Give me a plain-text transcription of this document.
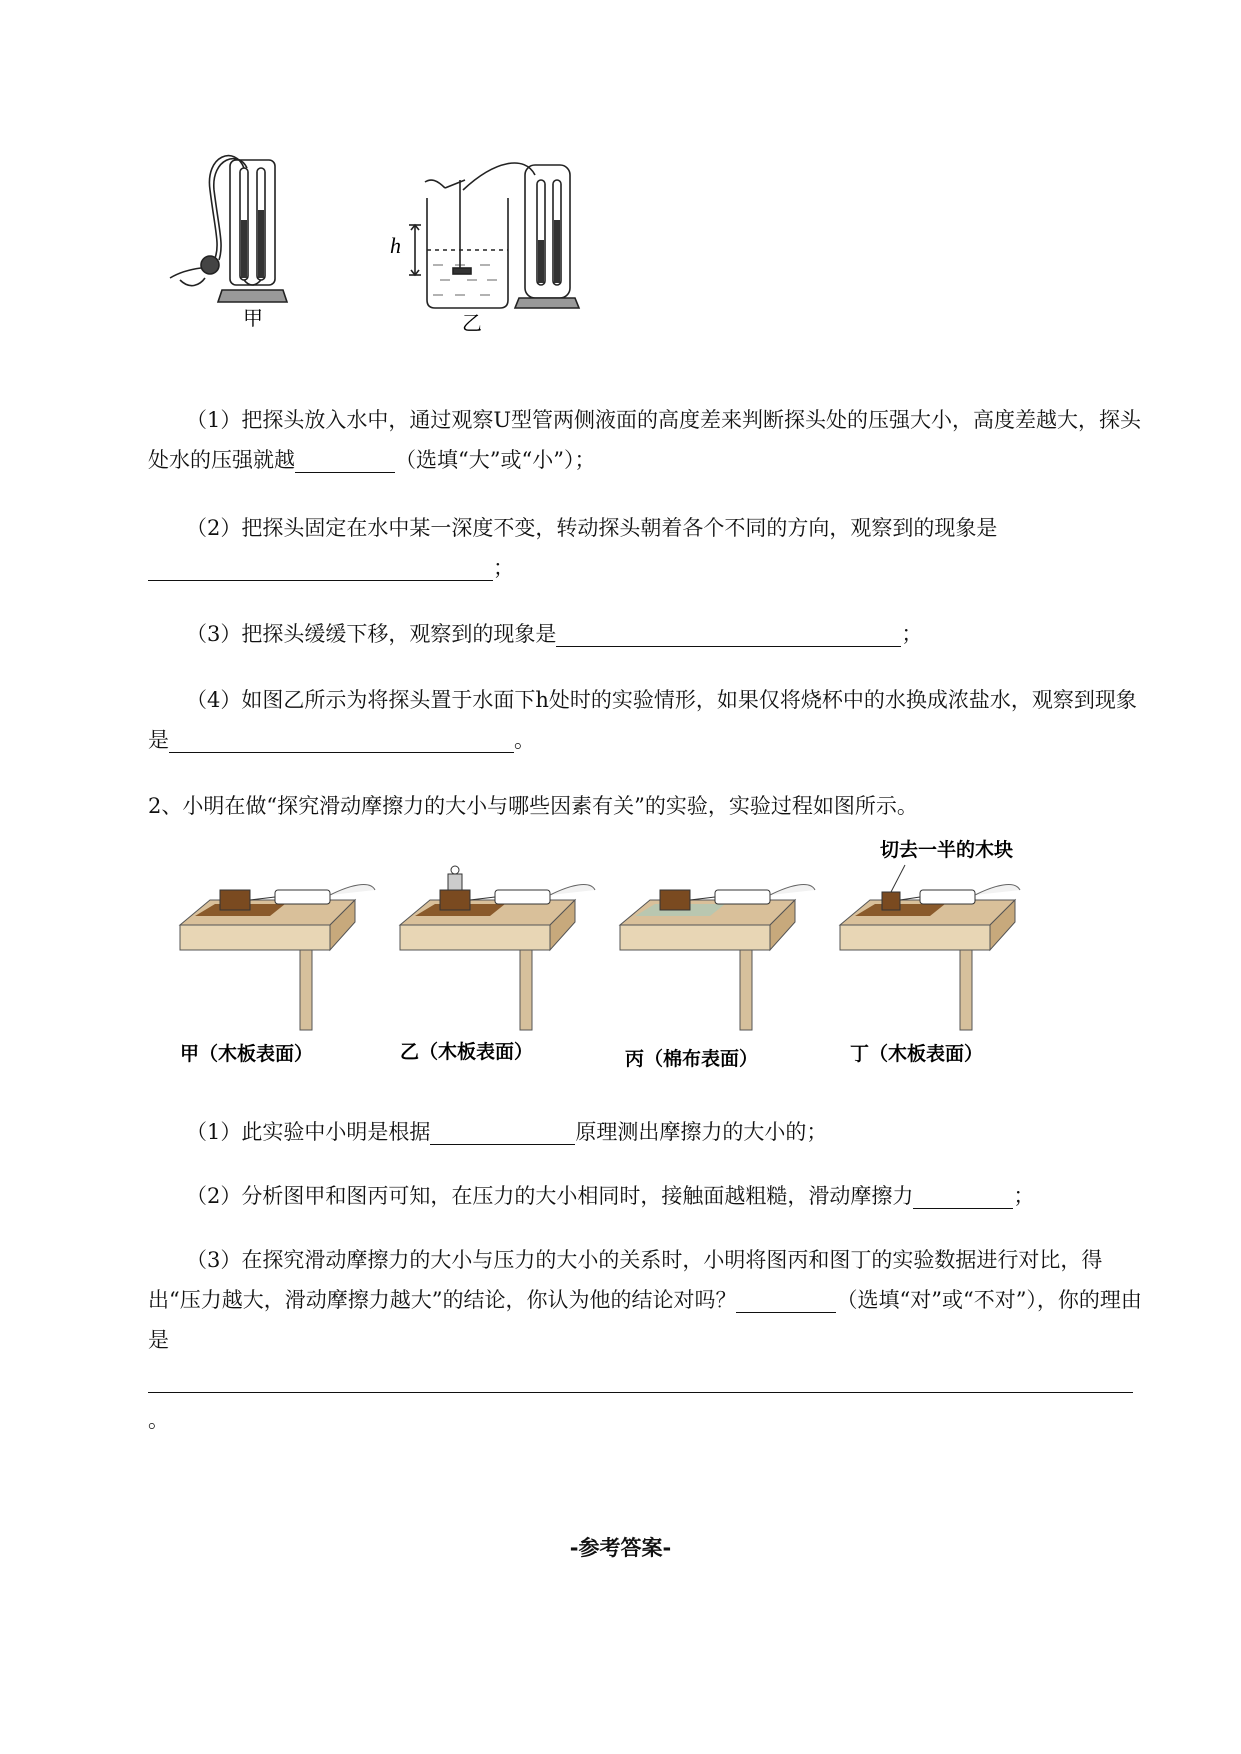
h
甲	乙
（1）把探头放入水中，通过观察U型管两侧液面的高度差来判断探头处的压强大小，高度差越大，探头处水的压强就越	（选填“大”或“小”）；
（2）把探头固定在水中某一深度不变，转动探头朝着各个不同的方向，观察到的现象是；
（3）把探头缓缓下移，观察到的现象是	；
（4）如图乙所示为将探头置于水面下h处时的实验情形，如果仅将烧杯中的水换成浓盐水，观察到现象是	。
2、小明在做“探究滑动摩擦力的大小与哪些因素有关”的实验，实验过程如图所示。
切去一半的木块
甲（木板表面）	乙（木板表面）	丙（棉布表面）	丁（木板表面）
（1）此实验中小明是根据	原理测出摩擦力的大小的；
（2）分析图甲和图丙可知，在压力的大小相同时，接触面越粗糙，滑动摩擦力	；
（3）在探究滑动摩擦力的大小与压力的大小的关系时，小明将图丙和图丁的实验数据进行对比，得出“压力越大，滑动摩擦力越大”的结论，你认为他的结论对吗？	（选填“对”或“不对”），你的理由是。
-参考答案-
